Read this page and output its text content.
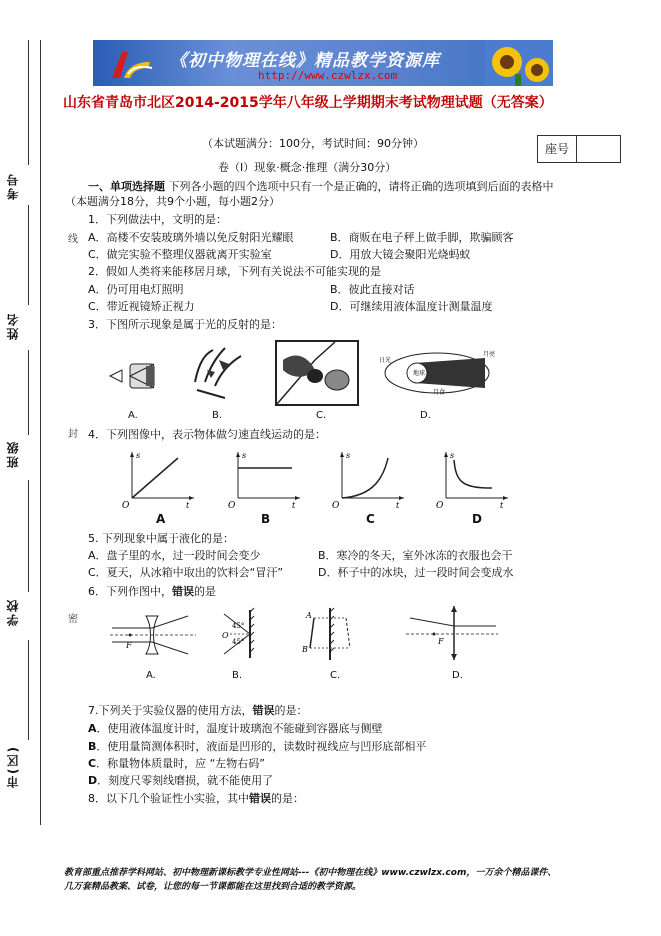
考号
姓名
班级
学校
市(区)
线
封
密
《初中物理在线》精品教学资源库
http://www.czwlzx.com
山东省青岛市北区2014-2015学年八年级上学期期末考试物理试题（无答案）
（本试题满分：100分，考试时间：90分钟）	座号
卷（Ⅰ）现象·概念·推理（满分30分）
一、单项选择题 下列各小题的四个选项中只有一个是正确的，请将正确的选项填到后面的表格中
（本题满分18分，共9个小题，每小题2分）
1．下列做法中，文明的是：
A．高楼不安装玻璃外墙以免反射阳光耀眼	B．商贩在电子秤上做手脚，欺骗顾客
C．做完实验不整理仪器就离开实验室	D．用放大镜会聚阳光烧蚂蚁
2．假如人类将来能移居月球，下列有关说法不可能实现的是
A．仍可用电灯照明	B．彼此直接对话
C．带近视镜矫正视力	D．可继续用液体温度计测量温度
3．下图所示现象是属于光的反射的是：
日光
地球
月亮
月食
A.	B.	C.	D.
4．下列图像中，表示物体做匀速直线运动的是：
s
t
O
s
t
O
s
t
O
s
t
O
A	B	C	D
5. 下列现象中属于液化的是：
A．盘子里的水，过一段时间会变少	B．寒冷的冬天，室外冰冻的衣服也会干
C．夏天，从冰箱中取出的饮料会“冒汗”	D．杯子中的冰块，过一段时间会变成水
6．下列作图中，错误的是
F
45°
45°
O
A
B
F
A.	B.	C.	D.
7.下列关于实验仪器的使用方法，错误的是：
A．使用液体温度计时，温度计玻璃泡不能碰到容器底与侧壁
B．使用量筒测体积时，液面是凹形的，读数时视线应与凹形底部相平
C．称量物体质量时，应 “左物右码”
D．刻度尺零刻线磨损，就不能使用了
8．以下几个验证性小实验，其中错误的是：
教育部重点推荐学科网站、初中物理新课标教学专业性网站---《初中物理在线》www.czwlzx.com，一万余个精品课件、
几万套精品教案、试卷，让您的每一节课都能在这里找到合适的教学资源。
